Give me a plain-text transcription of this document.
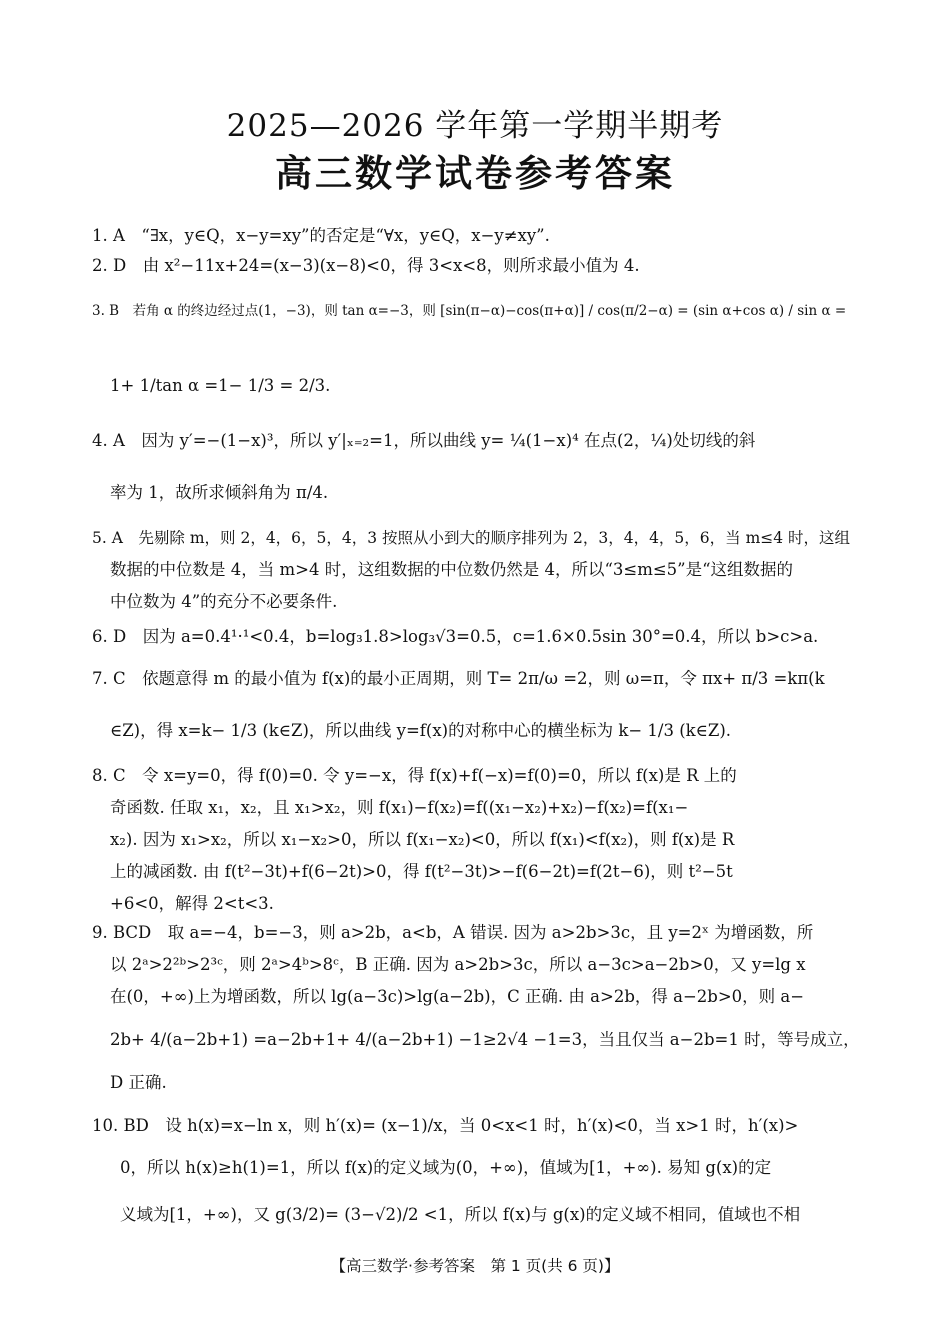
2025—2026 学年第一学期半期考
高三数学试卷参考答案
1. A　“∃x，y∈Q，x−y=xy”的否定是“∀x，y∈Q，x−y≠xy”.
2. D　由 x²−11x+24=(x−3)(x−8)<0，得 3<x<8，则所求最小值为 4.
3. B　若角 α 的终边经过点(1，−3)，则 tan α=−3，则 [sin(π−α)−cos(π+α)] / cos(π/2−α) = (sin α+cos α) / sin α =
1+ 1/tan α =1− 1/3 = 2/3.
4. A　因为 y′=−(1−x)³，所以 y′|ₓ₌₂=1，所以曲线 y= ¼(1−x)⁴ 在点(2，¼)处切线的斜
率为 1，故所求倾斜角为 π/4.
5. A　先剔除 m，则 2，4，6，5，4，3 按照从小到大的顺序排列为 2，3，4，4，5，6，当 m≤4 时，这组
数据的中位数是 4，当 m>4 时，这组数据的中位数仍然是 4，所以“3≤m≤5”是“这组数据的
中位数为 4”的充分不必要条件.
6. D　因为 a=0.4¹·¹<0.4，b=log₃1.8>log₃√3=0.5，c=1.6×0.5sin 30°=0.4，所以 b>c>a.
7. C　依题意得 m 的最小值为 f(x)的最小正周期，则 T= 2π/ω =2，则 ω=π，令 πx+ π/3 =kπ(k
∈Z)，得 x=k− 1/3 (k∈Z)，所以曲线 y=f(x)的对称中心的横坐标为 k− 1/3 (k∈Z).
8. C　令 x=y=0，得 f(0)=0. 令 y=−x，得 f(x)+f(−x)=f(0)=0，所以 f(x)是 R 上的
奇函数. 任取 x₁，x₂，且 x₁>x₂，则 f(x₁)−f(x₂)=f((x₁−x₂)+x₂)−f(x₂)=f(x₁−
x₂). 因为 x₁>x₂，所以 x₁−x₂>0，所以 f(x₁−x₂)<0，所以 f(x₁)<f(x₂)，则 f(x)是 R
上的减函数. 由 f(t²−3t)+f(6−2t)>0，得 f(t²−3t)>−f(6−2t)=f(2t−6)，则 t²−5t
+6<0，解得 2<t<3.
9. BCD　取 a=−4，b=−3，则 a>2b，a<b，A 错误. 因为 a>2b>3c，且 y=2ˣ 为增函数，所
以 2ᵃ>2²ᵇ>2³ᶜ，则 2ᵃ>4ᵇ>8ᶜ，B 正确. 因为 a>2b>3c，所以 a−3c>a−2b>0，又 y=lg x
在(0，+∞)上为增函数，所以 lg(a−3c)>lg(a−2b)，C 正确. 由 a>2b，得 a−2b>0，则 a−
2b+ 4/(a−2b+1) =a−2b+1+ 4/(a−2b+1) −1≥2√4 −1=3，当且仅当 a−2b=1 时，等号成立，
D 正确.
10. BD　设 h(x)=x−ln x，则 h′(x)= (x−1)/x，当 0<x<1 时，h′(x)<0，当 x>1 时，h′(x)>
0，所以 h(x)≥h(1)=1，所以 f(x)的定义域为(0，+∞)，值域为[1，+∞). 易知 g(x)的定
义域为[1，+∞)，又 g(3/2)= (3−√2)/2 <1，所以 f(x)与 g(x)的定义域不相同，值域也不相
【高三数学·参考答案　第 1 页(共 6 页)】
